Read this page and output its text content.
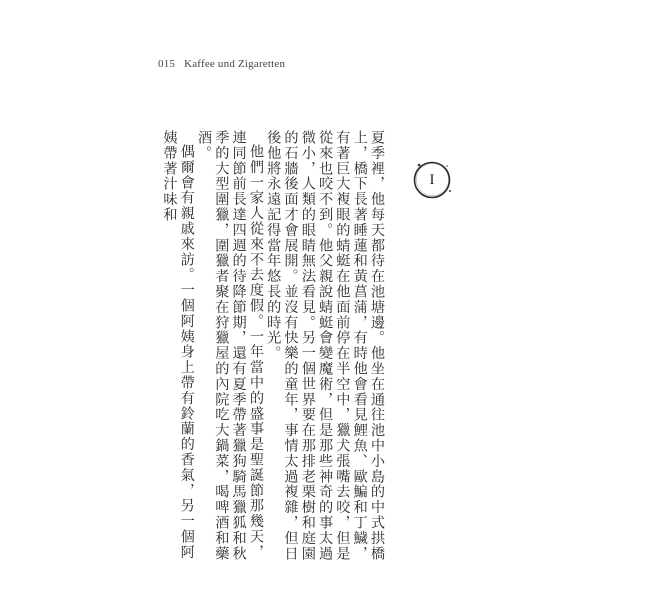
015 Kaffee und Zigaretten
I

夏季裡，他每天都待在池塘邊。他坐在通往池中小島的中式拱橋上，橋下長著睡蓮和黃菖蒲，有時他會看見鯉魚、歐鯿和丁鱥，有著巨大複眼的蜻蜓在他面前停在半空中，獵犬張嘴去咬，但是從來也咬不到。他父親說蜻蜓會變魔術，但是那些神奇的事太過微小，人類的眼睛無法看見。另一個世界要在那排老栗樹和庭園的石牆後面才會展開。並沒有快樂的童年，事情太過複雜，但日後他將永遠記得當年悠長的時光。

他們一家人從來不去度假。一年當中的盛事是聖誕節那幾天，連同節前長達四週的待降節期，還有夏季帶著獵狗騎馬獵狐和秋季的大型圍獵，圍獵者聚在狩獵屋的內院吃大鍋菜，喝啤酒和藥酒。

偶爾會有親戚來訪。一個阿姨身上帶有鈴蘭的香氣，另一個阿姨帶著汁味和
